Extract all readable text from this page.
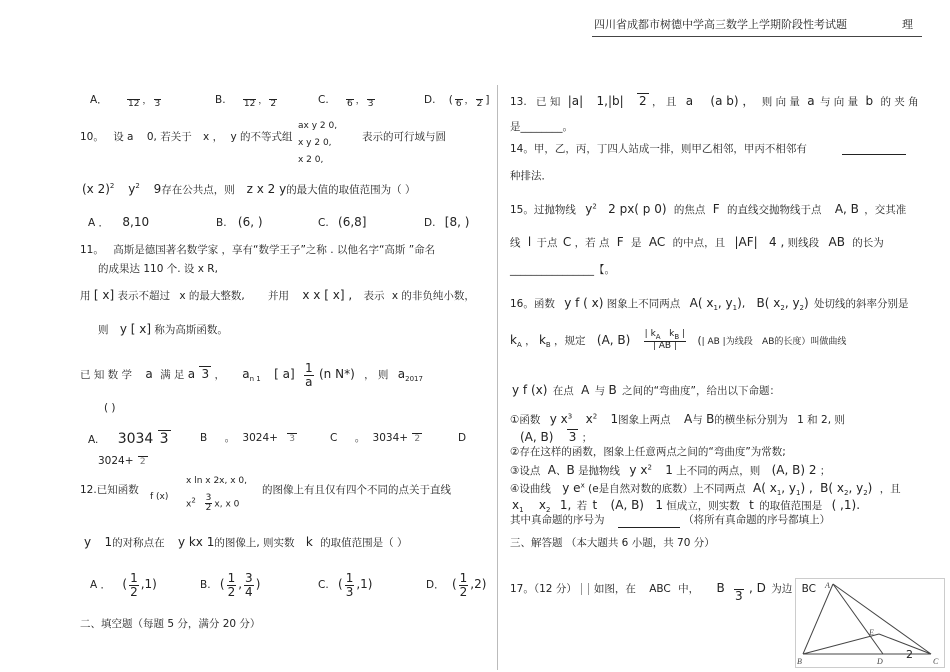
四川省成都市树德中学高三数学上学期阶段性考试题	理
A．
12 ，
3	B.
12 ，
2	C.
6 ，
3	D. (
6 ，
2 ]
10。 设 a 0, 若关于 x ， y 的不等式组
ax y 2 0,
x y 2 0,
x 2 0,
表示的可行域与圆
(x 2)$^2$ $y^2$ 9存在公共点，则 z x 2 y的最大值的取值范围为（ ）
A ． 8,10	B. (6, )	C. (6,8]	D. [8, )
11。 高斯是德国著名数学家 ，享有“数学王子”之称 . 以他名字“高斯 ”命名
的成果达 110 个. 设 x R,
用 [ x] 表示不超过 x 的最大整数, 并用 x x [ x] , 表示 x 的非负纯小数，
则 y [ x] 称为高斯函数。
已 知 数 学 a 满 足 a 3 ， $a_{n 1}$ [ $a] \frac{1}{a} (n$ N*) ， 则 $a_{2017}$
( )
A. 3034 3	B 。 3024+ 3	C 。 3034+ 2	D
3024+ 2
12.已知函数
f (x)
x ln x 2x, x 0,
$x^2 \frac{3}{2} x$, x 0
的图像上有且仅有四个不同的点关于直线
y 1的对称点在 y kx 1的图像上, 则实数 k 的取值范围是（ ）
A ． ( $\frac{1}{2} ,1$)	B. ( $\frac{1}{2}$ , $\frac{3}{4}$ )	C. ( $\frac{1}{3} ,1$)	D． ( $\frac{1}{2} ,2$)
二、填空题（每题 5 分，满分 20 分）
13. 已 知 |a| 1,|b| 2 ， 且 a (a b) ， 则 向 量 a 与 向 量 b 的 夹 角
是________。
14。甲，乙，丙，丁四人站成一排，则甲乙相邻，甲丙不相邻有
种排法．
15。过抛物线 $y^2$ 2 px( p 0) 的焦点 F 的直线交抛物线于点 A, B ，交其准
线 l 于点 C ，若 点 F 是 AC 的中点，且 |AF| 4 , 则线段 AB 的长为
________________【。
16。函数 y f ( x) 图象上不同两点 A( $x_1$, $y_1$), B( $x_2$, $y_2$) 处切线的斜率分别是
$k_A$ ， $k_B$ ，规定 (A, $B) \frac{| k_A k_B |}{| AB |}$ (| AB |为线段 AB的长度）叫做曲线
y f (x) 在点 A 与 B 之间的“弯曲度”，给出以下命题：
①函数 y $x^3$ $x^2$ 1图象上两点 A与 B的横坐标分别为 1 和 2, 则
(A, B) 3 ；
②存在这样的函数，图象上任意两点之间的“弯曲度”为常数;
③设点 A、B 是抛物线 y $x^2$ 1 上不同的两点，则 (A, B) 2 ；
④设曲线 y $e^x$ (e是自然对数的底数）上不同两点 A( $x_1$, $y_1$) , B( $x_2$, $y_2$) ，且
$x_1$ $x_2$ 1, 若 t (A, B) 1 恒成立，则实数 t 的取值范围是 ( ,1).
其中真命题的序号为	（将所有真命题的序号都填上）
三、解答题 （本大题共 6 小题，共 70 分）
17。（12 分） 如图，在 ABC 中， B

3
, D 为边 BC A
B	C
D
E
2
